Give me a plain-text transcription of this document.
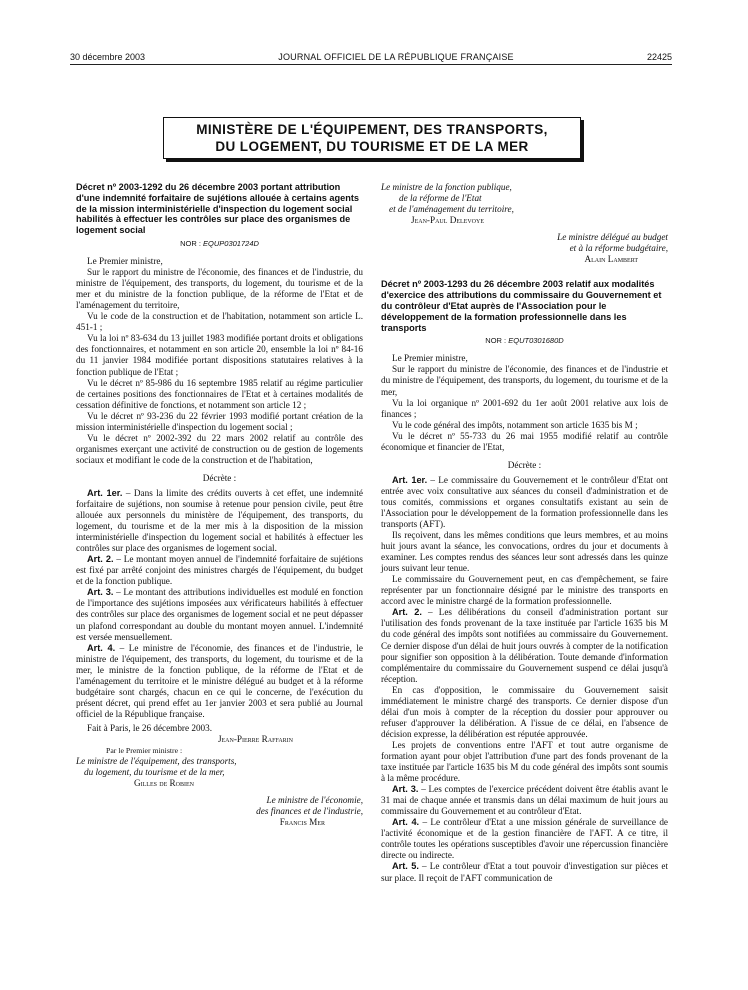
30 décembre 2003	JOURNAL OFFICIEL DE LA RÉPUBLIQUE FRANÇAISE	22425
MINISTÈRE DE L'ÉQUIPEMENT, DES TRANSPORTS,
DU LOGEMENT, DU TOURISME ET DE LA MER
Décret nº 2003-1292 du 26 décembre 2003 portant attribution d'une indemnité forfaitaire de sujétions allouée à certains agents de la mission interministérielle d'inspection du logement social habilités à effectuer les contrôles sur place des organismes de logement social
NOR : EQUP0301724D

Le Premier ministre,

Sur le rapport du ministre de l'économie, des finances et de l'industrie, du ministre de l'équipement, des transports, du logement, du tourisme et de la mer et du ministre de la fonction publique, de la réforme de l'Etat et de l'aménagement du territoire,

Vu le code de la construction et de l'habitation, notamment son article L. 451-1 ;

Vu la loi nº 83-634 du 13 juillet 1983 modifiée portant droits et obligations des fonctionnaires, et notamment en son article 20, ensemble la loi nº 84-16 du 11 janvier 1984 modifiée portant dispositions statutaires relatives à la fonction publique de l'Etat ;

Vu le décret nº 85-986 du 16 septembre 1985 relatif au régime particulier de certaines positions des fonctionnaires de l'Etat et à certaines modalités de cessation définitive de fonctions, et notamment son article 12 ;

Vu le décret nº 93-236 du 22 février 1993 modifié portant création de la mission interministérielle d'inspection du logement social ;

Vu le décret nº 2002-392 du 22 mars 2002 relatif au contrôle des organismes exerçant une activité de construction ou de gestion de logements sociaux et modifiant le code de la construction et de l'habitation,

Décrète :

Art. 1er. – Dans la limite des crédits ouverts à cet effet, une indemnité forfaitaire de sujétions, non soumise à retenue pour pension civile, peut être allouée aux personnels du ministère de l'équipement, des transports, du logement, du tourisme et de la mer mis à la disposition de la mission interministérielle d'inspection du logement social et habilités à effectuer les contrôles sur place des organismes de logement social.

Art. 2. – Le montant moyen annuel de l'indemnité forfaitaire de sujétions est fixé par arrêté conjoint des ministres chargés de l'équipement, du budget et de la fonction publique.

Art. 3. – Le montant des attributions individuelles est modulé en fonction de l'importance des sujétions imposées aux vérificateurs habilités à effectuer des contrôles sur place des organismes de logement social et ne peut dépasser un plafond correspondant au double du montant moyen annuel. L'indemnité est versée mensuellement.

Art. 4. – Le ministre de l'économie, des finances et de l'industrie, le ministre de l'équipement, des transports, du logement, du tourisme et de la mer, le ministre de la fonction publique, de la réforme de l'Etat et de l'aménagement du territoire et le ministre délégué au budget et à la réforme budgétaire sont chargés, chacun en ce qui le concerne, de l'exécution du présent décret, qui prend effet au 1er janvier 2003 et sera publié au Journal officiel de la République française.

Fait à Paris, le 26 décembre 2003.

Jean-Pierre Raffarin

Par le Premier ministre :

Le ministre de l'équipement, des transports,

du logement, du tourisme et de la mer,

Gilles de Robien

Le ministre de l'économie,

des finances et de l'industrie,

Francis Mer

Le ministre de la fonction publique,

de la réforme de l'Etat

et de l'aménagement du territoire,

Jean-Paul Delevoye

Le ministre délégué au budget

et à la réforme budgétaire,

Alain Lambert

Décret nº 2003-1293 du 26 décembre 2003 relatif aux modalités d'exercice des attributions du commissaire du Gouvernement et du contrôleur d'Etat auprès de l'Association pour le développement de la formation professionnelle dans les transports
NOR : EQUT0301680D

Le Premier ministre,

Sur le rapport du ministre de l'économie, des finances et de l'industrie et du ministre de l'équipement, des transports, du logement, du tourisme et de la mer,

Vu la loi organique nº 2001-692 du 1er août 2001 relative aux lois de finances ;

Vu le code général des impôts, notamment son article 1635 bis M ;

Vu le décret nº 55-733 du 26 mai 1955 modifié relatif au contrôle économique et financier de l'Etat,

Décrète :

Art. 1er. – Le commissaire du Gouvernement et le contrôleur d'Etat ont entrée avec voix consultative aux séances du conseil d'administration et de tous comités, commissions et organes consultatifs existant au sein de l'Association pour le développement de la formation professionnelle dans les transports (AFT).

Ils reçoivent, dans les mêmes conditions que leurs membres, et au moins huit jours avant la séance, les convocations, ordres du jour et documents à examiner. Les comptes rendus des séances leur sont adressés dans les quinze jours suivant leur tenue.

Le commissaire du Gouvernement peut, en cas d'empêchement, se faire représenter par un fonctionnaire désigné par le ministre des transports en accord avec le ministre chargé de la formation professionnelle.

Art. 2. – Les délibérations du conseil d'administration portant sur l'utilisation des fonds provenant de la taxe instituée par l'article 1635 bis M du code général des impôts sont notifiées au commissaire du Gouvernement. Ce dernier dispose d'un délai de huit jours ouvrés à compter de la notification pour signifier son opposition à la délibération. Toute demande d'information complémentaire du commissaire du Gouvernement suspend ce délai jusqu'à réception.

En cas d'opposition, le commissaire du Gouvernement saisit immédiatement le ministre chargé des transports. Ce dernier dispose d'un délai d'un mois à compter de la réception du dossier pour approuver ou refuser d'approuver la délibération. A l'issue de ce délai, en l'absence de décision expresse, la délibération est réputée approuvée.

Les projets de conventions entre l'AFT et tout autre organisme de formation ayant pour objet l'attribution d'une part des fonds provenant de la taxe instituée par l'article 1635 bis M du code général des impôts sont soumis à la même procédure.

Art. 3. – Les comptes de l'exercice précédent doivent être établis avant le 31 mai de chaque année et transmis dans un délai maximum de huit jours au commissaire du Gouvernement et au contrôleur d'Etat.

Art. 4. – Le contrôleur d'Etat a une mission générale de surveillance de l'activité économique et de la gestion financière de l'AFT. A ce titre, il contrôle toutes les opérations susceptibles d'avoir une répercussion financière directe ou indirecte.

Art. 5. – Le contrôleur d'Etat a tout pouvoir d'investigation sur pièces et sur place. Il reçoit de l'AFT communication de
